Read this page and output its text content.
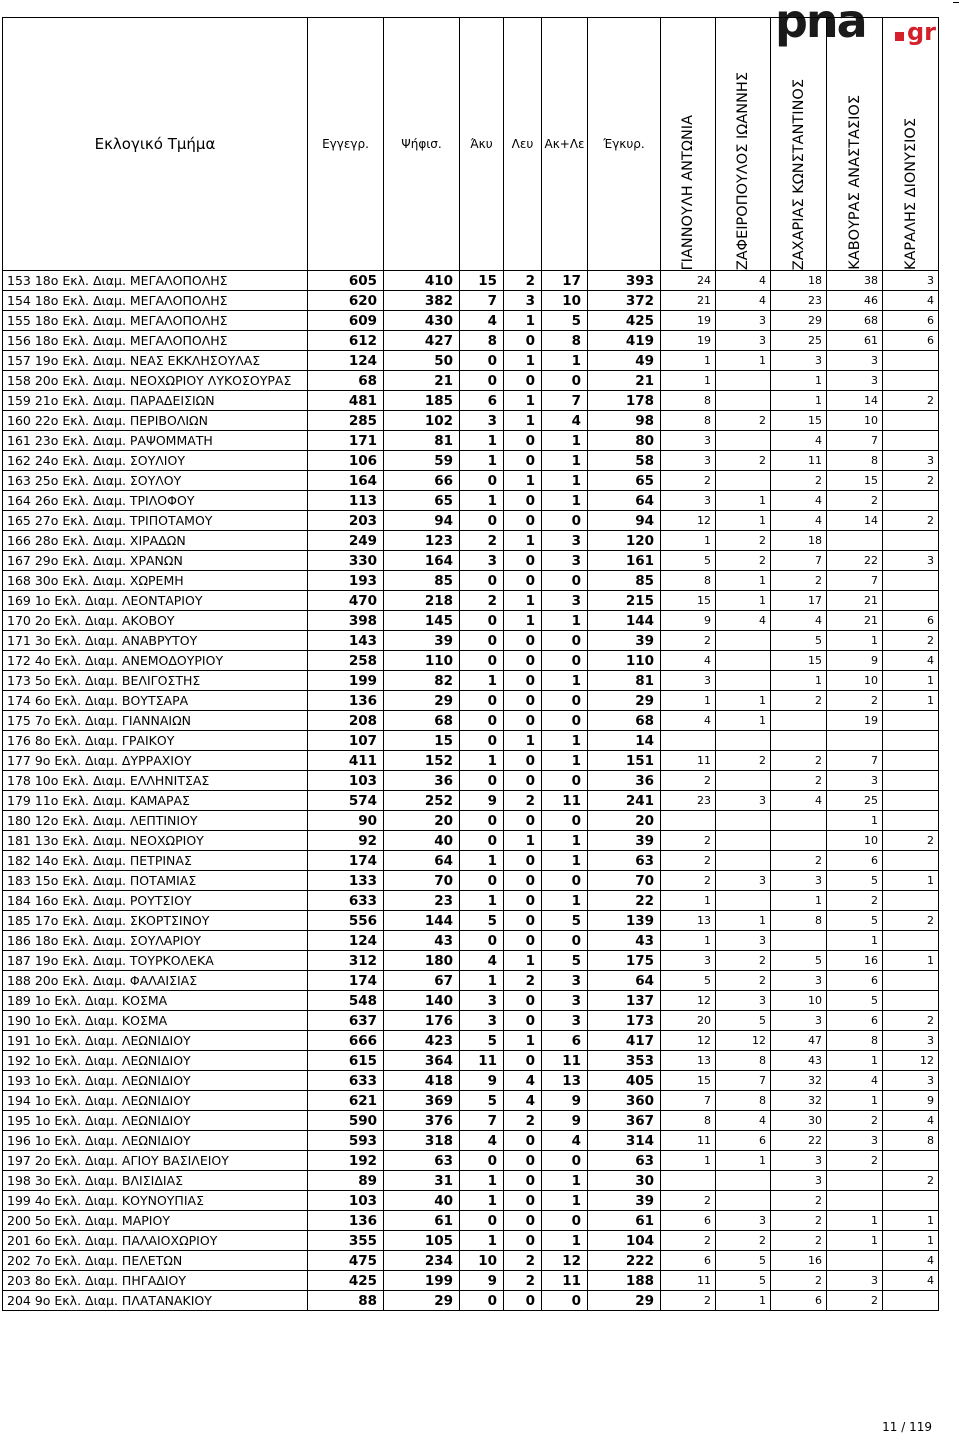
pna gr
Εκλογικό Τμήμα	Εγγεγρ.	Ψήφισ.	Άκυ	Λευ	Ακ+Λε	Έγκυρ.	ΓΙΑΝΝΟΥΛΗ ΑΝΤΩΝΙΑ	ΖΑΦΕΙΡΟΠΟΥΛΟΣ ΙΩΑΝΝΗΣ	ΖΑΧΑΡΙΑΣ ΚΩΝΣΤΑΝΤΙΝΟΣ	ΚΑΒΟΥΡΑΣ ΑΝΑΣΤΑΣΙΟΣ	ΚΑΡΑΛΗΣ ΔΙΟΝΥΣΙΟΣ

153 18ο Εκλ. Διαμ. ΜΕΓΑΛΟΠΟΛΗΣ	605	410	15	2	17	393	24	4	18	38	3
154 18ο Εκλ. Διαμ. ΜΕΓΑΛΟΠΟΛΗΣ	620	382	7	3	10	372	21	4	23	46	4
155 18ο Εκλ. Διαμ. ΜΕΓΑΛΟΠΟΛΗΣ	609	430	4	1	5	425	19	3	29	68	6
156 18ο Εκλ. Διαμ. ΜΕΓΑΛΟΠΟΛΗΣ	612	427	8	0	8	419	19	3	25	61	6
157 19ο Εκλ. Διαμ. ΝΕΑΣ ΕΚΚΛΗΣΟΥΛΑΣ	124	50	0	1	1	49	1	1	3	3	
158 20ο Εκλ. Διαμ. ΝΕΟΧΩΡΙΟΥ ΛΥΚΟΣΟΥΡΑΣ	68	21	0	0	0	21	1		1	3	
159 21ο Εκλ. Διαμ. ΠΑΡΑΔΕΙΣΙΩΝ	481	185	6	1	7	178	8		1	14	2
160 22ο Εκλ. Διαμ. ΠΕΡΙΒΟΛΙΩΝ	285	102	3	1	4	98	8	2	15	10	
161 23ο Εκλ. Διαμ. ΡΑΨΟΜΜΑΤΗ	171	81	1	0	1	80	3		4	7	
162 24ο Εκλ. Διαμ. ΣΟΥΛΙΟΥ	106	59	1	0	1	58	3	2	11	8	3
163 25ο Εκλ. Διαμ. ΣΟΥΛΟΥ	164	66	0	1	1	65	2		2	15	2
164 26ο Εκλ. Διαμ. ΤΡΙΛΟΦΟΥ	113	65	1	0	1	64	3	1	4	2	
165 27ο Εκλ. Διαμ. ΤΡΙΠΟΤΑΜΟΥ	203	94	0	0	0	94	12	1	4	14	2
166 28ο Εκλ. Διαμ. ΧΙΡΑΔΩΝ	249	123	2	1	3	120	1	2	18		
167 29ο Εκλ. Διαμ. ΧΡΑΝΩΝ	330	164	3	0	3	161	5	2	7	22	3
168 30ο Εκλ. Διαμ. ΧΩΡΕΜΗ	193	85	0	0	0	85	8	1	2	7	
169 1ο Εκλ. Διαμ. ΛΕΟΝΤΑΡΙΟΥ	470	218	2	1	3	215	15	1	17	21	
170 2ο Εκλ. Διαμ. ΑΚΟΒΟΥ	398	145	0	1	1	144	9	4	4	21	6
171 3ο Εκλ. Διαμ. ΑΝΑΒΡΥΤΟΥ	143	39	0	0	0	39	2		5	1	2
172 4ο Εκλ. Διαμ. ΑΝΕΜΟΔΟΥΡΙΟΥ	258	110	0	0	0	110	4		15	9	4
173 5ο Εκλ. Διαμ. ΒΕΛΙΓΟΣΤΗΣ	199	82	1	0	1	81	3		1	10	1
174 6ο Εκλ. Διαμ. ΒΟΥΤΣΑΡΑ	136	29	0	0	0	29	1	1	2	2	1
175 7ο Εκλ. Διαμ. ΓΙΑΝΝΑΙΩΝ	208	68	0	0	0	68	4	1		19	
176 8ο Εκλ. Διαμ. ΓΡΑΙΚΟΥ	107	15	0	1	1	14					
177 9ο Εκλ. Διαμ. ΔΥΡΡΑΧΙΟΥ	411	152	1	0	1	151	11	2	2	7	
178 10ο Εκλ. Διαμ. ΕΛΛΗΝΙΤΣΑΣ	103	36	0	0	0	36	2		2	3	
179 11ο Εκλ. Διαμ. ΚΑΜΑΡΑΣ	574	252	9	2	11	241	23	3	4	25	
180 12ο Εκλ. Διαμ. ΛΕΠΤΙΝΙΟΥ	90	20	0	0	0	20				1	
181 13ο Εκλ. Διαμ. ΝΕΟΧΩΡΙΟΥ	92	40	0	1	1	39	2			10	2
182 14ο Εκλ. Διαμ. ΠΕΤΡΙΝΑΣ	174	64	1	0	1	63	2		2	6	
183 15ο Εκλ. Διαμ. ΠΟΤΑΜΙΑΣ	133	70	0	0	0	70	2	3	3	5	1
184 16ο Εκλ. Διαμ. ΡΟΥΤΣΙΟΥ	633	23	1	0	1	22	1		1	2	
185 17ο Εκλ. Διαμ. ΣΚΟΡΤΣΙΝΟΥ	556	144	5	0	5	139	13	1	8	5	2
186 18ο Εκλ. Διαμ. ΣΟΥΛΑΡΙΟΥ	124	43	0	0	0	43	1	3		1	
187 19ο Εκλ. Διαμ. ΤΟΥΡΚΟΛΕΚΑ	312	180	4	1	5	175	3	2	5	16	1
188 20ο Εκλ. Διαμ. ΦΑΛΑΙΣΙΑΣ	174	67	1	2	3	64	5	2	3	6	
189 1ο Εκλ. Διαμ. ΚΟΣΜΑ	548	140	3	0	3	137	12	3	10	5	
190 1ο Εκλ. Διαμ. ΚΟΣΜΑ	637	176	3	0	3	173	20	5	3	6	2
191 1ο Εκλ. Διαμ. ΛΕΩΝΙΔΙΟΥ	666	423	5	1	6	417	12	12	47	8	3
192 1ο Εκλ. Διαμ. ΛΕΩΝΙΔΙΟΥ	615	364	11	0	11	353	13	8	43	1	12
193 1ο Εκλ. Διαμ. ΛΕΩΝΙΔΙΟΥ	633	418	9	4	13	405	15	7	32	4	3
194 1ο Εκλ. Διαμ. ΛΕΩΝΙΔΙΟΥ	621	369	5	4	9	360	7	8	32	1	9
195 1ο Εκλ. Διαμ. ΛΕΩΝΙΔΙΟΥ	590	376	7	2	9	367	8	4	30	2	4
196 1ο Εκλ. Διαμ. ΛΕΩΝΙΔΙΟΥ	593	318	4	0	4	314	11	6	22	3	8
197 2ο Εκλ. Διαμ. ΑΓΙΟΥ ΒΑΣΙΛΕΙΟΥ	192	63	0	0	0	63	1	1	3	2	
198 3ο Εκλ. Διαμ. ΒΛΙΣΙΔΙΑΣ	89	31	1	0	1	30			3		2
199 4ο Εκλ. Διαμ. ΚΟΥΝΟΥΠΙΑΣ	103	40	1	0	1	39	2		2		
200 5ο Εκλ. Διαμ. ΜΑΡΙΟΥ	136	61	0	0	0	61	6	3	2	1	1
201 6ο Εκλ. Διαμ. ΠΑΛΑΙΟΧΩΡΙΟΥ	355	105	1	0	1	104	2	2	2	1	1
202 7ο Εκλ. Διαμ. ΠΕΛΕΤΩΝ	475	234	10	2	12	222	6	5	16		4
203 8ο Εκλ. Διαμ. ΠΗΓΑΔΙΟΥ	425	199	9	2	11	188	11	5	2	3	4
204 9ο Εκλ. Διαμ. ΠΛΑΤΑΝΑΚΙΟΥ	88	29	0	0	0	29	2	1	6	2	
11 / 119
